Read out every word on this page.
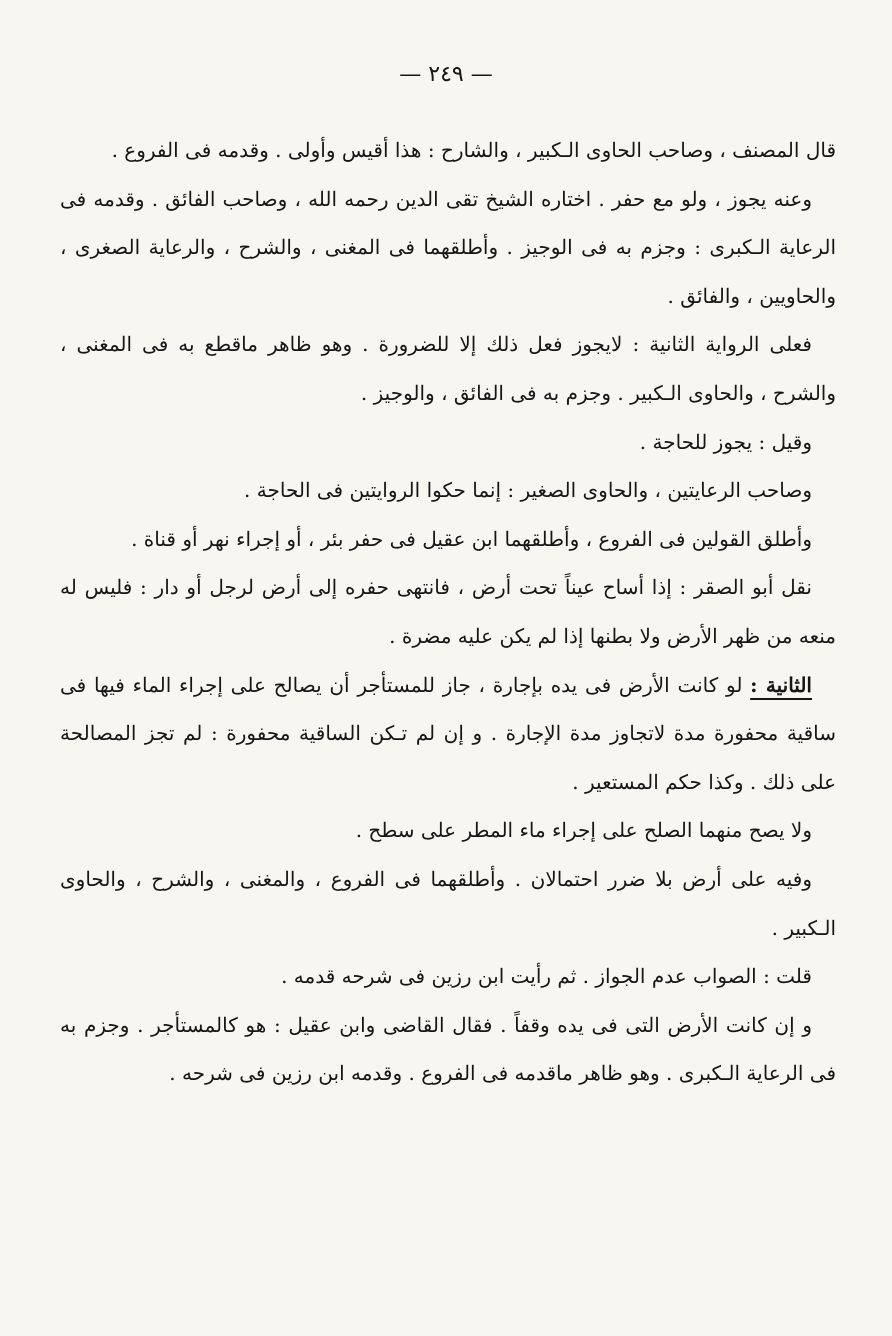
— ٢٤٩ —

قال المصنف ، وصاحب الحاوى الـكبير ، والشارح : هذا أقيس وأولى . وقدمه فى الفروع .

وعنه يجوز ، ولو مع حفر . اختاره الشيخ تقى الدين رحمه الله ، وصاحب الفائق . وقدمه فى الرعاية الـكبرى : وجزم به فى الوجيز . وأطلقهما فى المغنى ، والشرح ، والرعاية الصغرى ، والحاويين ، والفائق .

فعلى الرواية الثانية : لايجوز فعل ذلك إلا للضرورة . وهو ظاهر ماقطع به فى المغنى ، والشرح ، والحاوى الـكبير . وجزم به فى الفائق ، والوجيز .

وقيل : يجوز للحاجة .

وصاحب الرعايتين ، والحاوى الصغير : إنما حكوا الروايتين فى الحاجة .

وأطلق القولين فى الفروع ، وأطلقهما ابن عقيل فى حفر بئر ، أو إجراء نهر أو قناة .

نقل أبو الصقر : إذا أساح عيناً تحت أرض ، فانتهى حفره إلى أرض لرجل أو دار : فليس له منعه من ظهر الأرض ولا بطنها إذا لم يكن عليه مضرة .

الثانية : لو كانت الأرض فى يده بإجارة ، جاز للمستأجر أن يصالح على إجراء الماء فيها فى ساقية محفورة مدة لاتجاوز مدة الإجارة . و إن لم تـكن الساقية محفورة : لم تجز المصالحة على ذلك . وكذا حكم المستعير .

ولا يصح منهما الصلح على إجراء ماء المطر على سطح .

وفيه على أرض بلا ضرر احتمالان . وأطلقهما فى الفروع ، والمغنى ، والشرح ، والحاوى الـكبير .

قلت : الصواب عدم الجواز . ثم رأيت ابن رزين فى شرحه قدمه .

و إن كانت الأرض التى فى يده وقفاً . فقال القاضى وابن عقيل : هو كالمستأجر . وجزم به فى الرعاية الـكبرى . وهو ظاهر ماقدمه فى الفروع . وقدمه ابن رزين فى شرحه .
